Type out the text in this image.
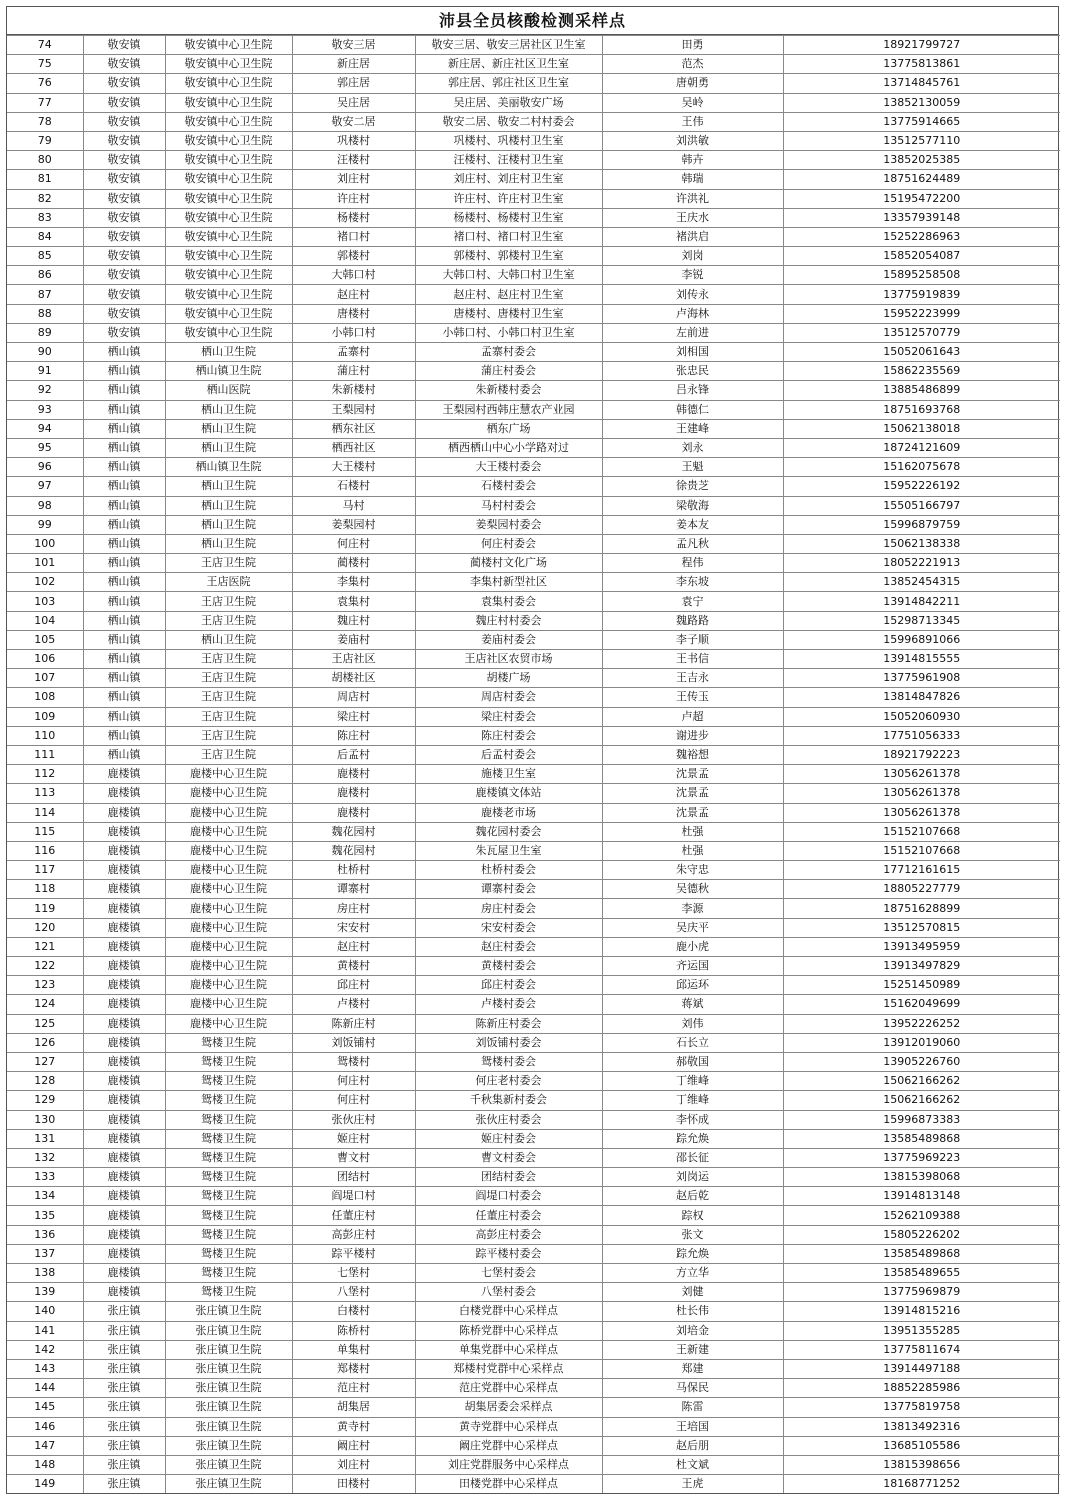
沛县全员核酸检测采样点
74	敬安镇	敬安镇中心卫生院	敬安三居	敬安三居、敬安三居社区卫生室	田勇	18921799727
75	敬安镇	敬安镇中心卫生院	新庄居	新庄居、新庄社区卫生室	范杰	13775813861
76	敬安镇	敬安镇中心卫生院	郭庄居	郭庄居、郭庄社区卫生室	唐朝勇	13714845761
77	敬安镇	敬安镇中心卫生院	吴庄居	吴庄居、美丽敬安广场	吴岭	13852130059
78	敬安镇	敬安镇中心卫生院	敬安二居	敬安二居、敬安二村村委会	王伟	13775914665
79	敬安镇	敬安镇中心卫生院	巩楼村	巩楼村、巩楼村卫生室	刘洪敏	13512577110
80	敬安镇	敬安镇中心卫生院	汪楼村	汪楼村、汪楼村卫生室	韩卉	13852025385
81	敬安镇	敬安镇中心卫生院	刘庄村	刘庄村、刘庄村卫生室	韩瑞	18751624489
82	敬安镇	敬安镇中心卫生院	许庄村	许庄村、许庄村卫生室	许洪礼	15195472200
83	敬安镇	敬安镇中心卫生院	杨楼村	杨楼村、杨楼村卫生室	王庆水	13357939148
84	敬安镇	敬安镇中心卫生院	褚口村	褚口村、褚口村卫生室	褚洪启	15252286963
85	敬安镇	敬安镇中心卫生院	郭楼村	郭楼村、郭楼村卫生室	刘岗	15852054087
86	敬安镇	敬安镇中心卫生院	大韩口村	大韩口村、大韩口村卫生室	李锐	15895258508
87	敬安镇	敬安镇中心卫生院	赵庄村	赵庄村、赵庄村卫生室	刘传永	13775919839
88	敬安镇	敬安镇中心卫生院	唐楼村	唐楼村、唐楼村卫生室	卢海林	15952223999
89	敬安镇	敬安镇中心卫生院	小韩口村	小韩口村、小韩口村卫生室	左前进	13512570779
90	栖山镇	栖山卫生院	孟寨村	孟寨村委会	刘相国	15052061643
91	栖山镇	栖山镇卫生院	蒲庄村	蒲庄村委会	张忠民	15862235569
92	栖山镇	栖山医院	朱新楼村	朱新楼村委会	吕永锋	13885486899
93	栖山镇	栖山卫生院	王梨园村	王梨园村西韩庄慧农产业园	韩德仁	18751693768
94	栖山镇	栖山卫生院	栖东社区	栖东广场	王建峰	15062138018
95	栖山镇	栖山卫生院	栖西社区	栖西栖山中心小学路对过	刘永	18724121609
96	栖山镇	栖山镇卫生院	大王楼村	大王楼村委会	王魁	15162075678
97	栖山镇	栖山卫生院	石楼村	石楼村委会	徐贵芝	15952226192
98	栖山镇	栖山卫生院	马村	马村村委会	梁敬海	15505166797
99	栖山镇	栖山卫生院	姜梨园村	姜梨园村委会	姜本友	15996879759
100	栖山镇	栖山卫生院	何庄村	何庄村委会	孟凡秋	15062138338
101	栖山镇	王店卫生院	蔺楼村	蔺楼村文化广场	程伟	18052221913
102	栖山镇	王店医院	李集村	李集村新型社区	李东坡	13852454315
103	栖山镇	王店卫生院	袁集村	袁集村委会	袁宁	13914842211
104	栖山镇	王店卫生院	魏庄村	魏庄村村委会	魏路路	15298713345
105	栖山镇	栖山卫生院	姜庙村	姜庙村委会	李子顺	15996891066
106	栖山镇	王店卫生院	王店社区	王店社区农贸市场	王书信	13914815555
107	栖山镇	王店卫生院	胡楼社区	胡楼广场	王吉永	13775961908
108	栖山镇	王店卫生院	周店村	周店村委会	王传玉	13814847826
109	栖山镇	王店卫生院	梁庄村	梁庄村委会	卢超	15052060930
110	栖山镇	王店卫生院	陈庄村	陈庄村委会	谢进步	17751056333
111	栖山镇	王店卫生院	后孟村	后孟村委会	魏裕想	18921792223
112	鹿楼镇	鹿楼中心卫生院	鹿楼村	施楼卫生室	沈景孟	13056261378
113	鹿楼镇	鹿楼中心卫生院	鹿楼村	鹿楼镇文体站	沈景孟	13056261378
114	鹿楼镇	鹿楼中心卫生院	鹿楼村	鹿楼老市场	沈景孟	13056261378
115	鹿楼镇	鹿楼中心卫生院	魏花园村	魏花园村委会	杜强	15152107668
116	鹿楼镇	鹿楼中心卫生院	魏花园村	朱瓦屋卫生室	杜强	15152107668
117	鹿楼镇	鹿楼中心卫生院	杜桥村	杜桥村委会	朱守忠	17712161615
118	鹿楼镇	鹿楼中心卫生院	谭寨村	谭寨村委会	吴德秋	18805227779
119	鹿楼镇	鹿楼中心卫生院	房庄村	房庄村委会	李源	18751628899
120	鹿楼镇	鹿楼中心卫生院	宋安村	宋安村委会	吴庆平	13512570815
121	鹿楼镇	鹿楼中心卫生院	赵庄村	赵庄村委会	鹿小虎	13913495959
122	鹿楼镇	鹿楼中心卫生院	黄楼村	黄楼村委会	齐运国	13913497829
123	鹿楼镇	鹿楼中心卫生院	邱庄村	邱庄村委会	邱运环	15251450989
124	鹿楼镇	鹿楼中心卫生院	卢楼村	卢楼村委会	蒋斌	15162049699
125	鹿楼镇	鹿楼中心卫生院	陈新庄村	陈新庄村委会	刘伟	13952226252
126	鹿楼镇	鸳楼卫生院	刘饭铺村	刘饭铺村委会	石长立	13912019060
127	鹿楼镇	鸳楼卫生院	鸳楼村	鸳楼村委会	郝敬国	13905226760
128	鹿楼镇	鸳楼卫生院	何庄村	何庄老村委会	丁维峰	15062166262
129	鹿楼镇	鸳楼卫生院	何庄村	千秋集新村委会	丁维峰	15062166262
130	鹿楼镇	鸳楼卫生院	张伙庄村	张伙庄村委会	李怀成	15996873383
131	鹿楼镇	鸳楼卫生院	姬庄村	姬庄村委会	踪允焕	13585489868
132	鹿楼镇	鸳楼卫生院	曹文村	曹文村委会	邵长征	13775969223
133	鹿楼镇	鸳楼卫生院	团结村	团结村委会	刘岗运	13815398068
134	鹿楼镇	鸳楼卫生院	阎堤口村	阎堤口村委会	赵后乾	13914813148
135	鹿楼镇	鸳楼卫生院	任董庄村	任董庄村委会	踪权	15262109388
136	鹿楼镇	鸳楼卫生院	高彭庄村	高彭庄村委会	张文	15805226202
137	鹿楼镇	鸳楼卫生院	踪平楼村	踪平楼村委会	踪允焕	13585489868
138	鹿楼镇	鸳楼卫生院	七堡村	七堡村委会	方立华	13585489655
139	鹿楼镇	鸳楼卫生院	八堡村	八堡村委会	刘健	13775969879
140	张庄镇	张庄镇卫生院	白楼村	白楼党群中心采样点	杜长伟	13914815216
141	张庄镇	张庄镇卫生院	陈桥村	陈桥党群中心采样点	刘培金	13951355285
142	张庄镇	张庄镇卫生院	单集村	单集党群中心采样点	王新建	13775811674
143	张庄镇	张庄镇卫生院	郑楼村	郑楼村党群中心采样点	郑建	13914497188
144	张庄镇	张庄镇卫生院	范庄村	范庄党群中心采样点	马保民	18852285986
145	张庄镇	张庄镇卫生院	胡集居	胡集居委会采样点	陈雷	13775819758
146	张庄镇	张庄镇卫生院	黄寺村	黄寺党群中心采样点	王培国	13813492316
147	张庄镇	张庄镇卫生院	阚庄村	阚庄党群中心采样点	赵后朋	13685105586
148	张庄镇	张庄镇卫生院	刘庄村	刘庄党群服务中心采样点	杜文斌	13815398656
149	张庄镇	张庄镇卫生院	田楼村	田楼党群中心采样点	王虎	18168771252
